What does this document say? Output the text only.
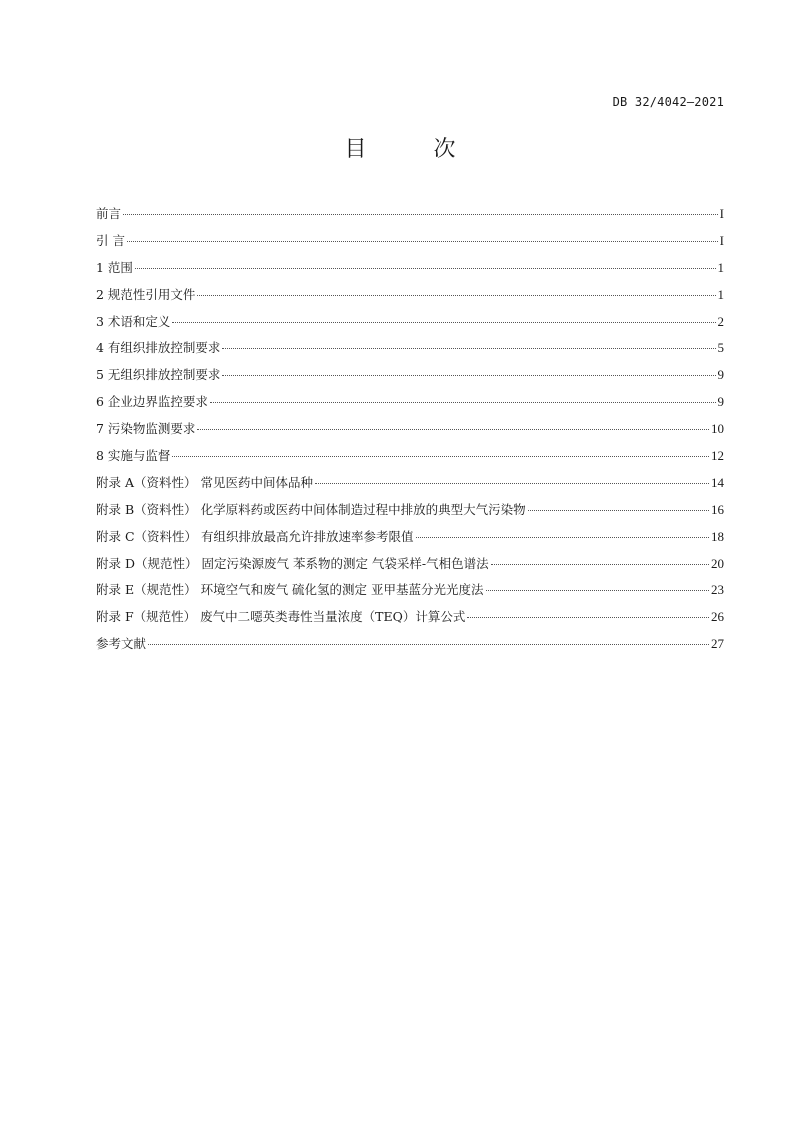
DB 32/4042—2021
目 次
前言	I
引 言	I
1 范围	1
2 规范性引用文件	1
3 术语和定义	2
4 有组织排放控制要求	5
5 无组织排放控制要求	9
6 企业边界监控要求	9
7 污染物监测要求	10
8 实施与监督	12
附录 A（资料性） 常见医药中间体品种	14
附录 B（资料性） 化学原料药或医药中间体制造过程中排放的典型大气污染物	16
附录 C（资料性） 有组织排放最高允许排放速率参考限值	18
附录 D（规范性） 固定污染源废气 苯系物的测定 气袋采样-气相色谱法	20
附录 E（规范性） 环境空气和废气 硫化氢的测定 亚甲基蓝分光光度法	23
附录 F（规范性） 废气中二噁英类毒性当量浓度（TEQ）计算公式	26
参考文献	27
